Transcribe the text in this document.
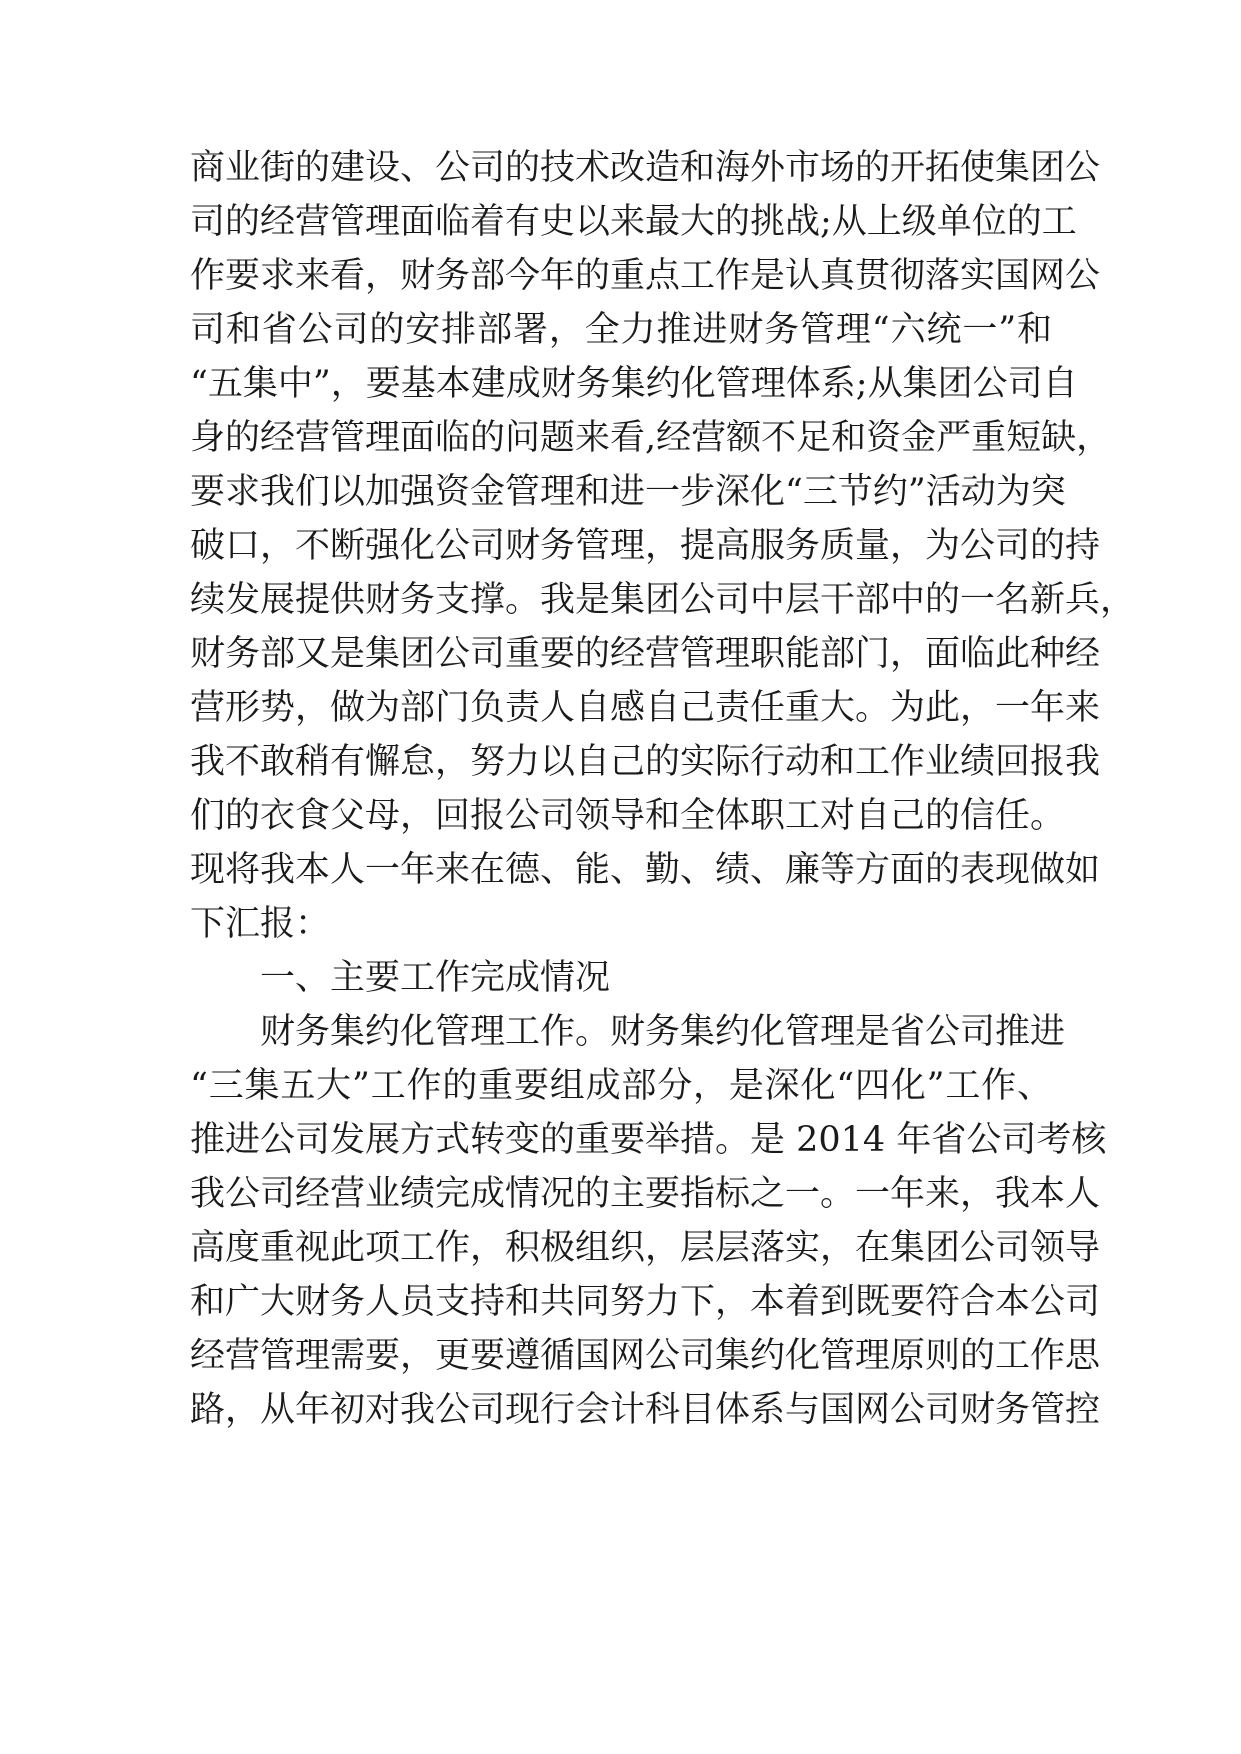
商业街的建设、公司的技术改造和海外市场的开拓使集团公
司的经营管理面临着有史以来最大的挑战;从上级单位的工
作要求来看，财务部今年的重点工作是认真贯彻落实国网公
司和省公司的安排部署，全力推进财务管理“六统一”和
“五集中”，要基本建成财务集约化管理体系;从集团公司自
身的经营管理面临的问题来看,经营额不足和资金严重短缺，
要求我们以加强资金管理和进一步深化“三节约”活动为突
破口，不断强化公司财务管理，提高服务质量，为公司的持
续发展提供财务支撑。我是集团公司中层干部中的一名新兵，
财务部又是集团公司重要的经营管理职能部门，面临此种经
营形势，做为部门负责人自感自己责任重大。为此，一年来
我不敢稍有懈怠，努力以自己的实际行动和工作业绩回报我
们的衣食父母，回报公司领导和全体职工对自己的信任。
现将我本人一年来在德、能、勤、绩、廉等方面的表现做如
下汇报：
一、主要工作完成情况
财务集约化管理工作。财务集约化管理是省公司推进
“三集五大”工作的重要组成部分，是深化“四化”工作、
推进公司发展方式转变的重要举措。是 2014 年省公司考核
我公司经营业绩完成情况的主要指标之一。一年来，我本人
高度重视此项工作，积极组织，层层落实，在集团公司领导
和广大财务人员支持和共同努力下，本着到既要符合本公司
经营管理需要，更要遵循国网公司集约化管理原则的工作思
路，从年初对我公司现行会计科目体系与国网公司财务管控
